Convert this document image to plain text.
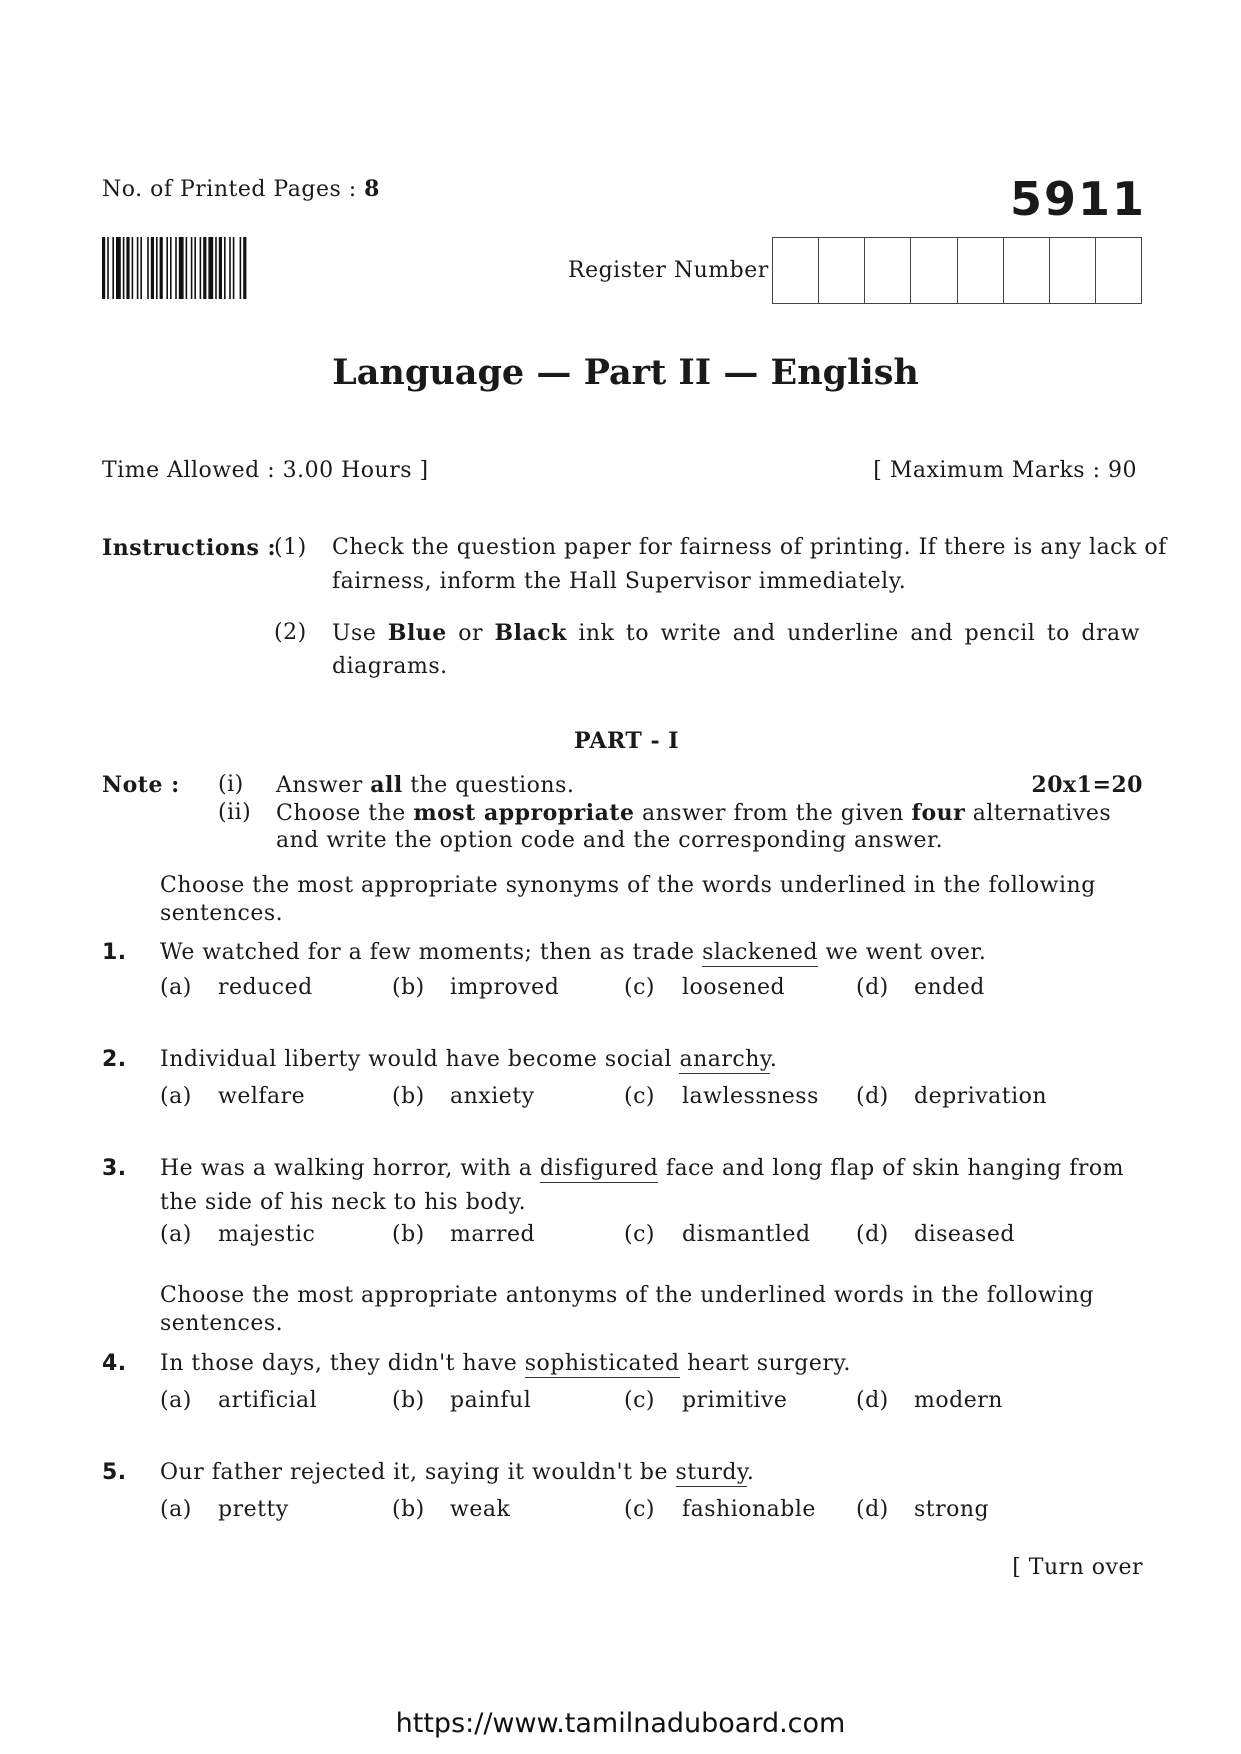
No. of Printed Pages : 8	5911
Register Number
Language — Part II — English
Time Allowed : 3.00 Hours ]	[ Maximum Marks : 90
Instructions :
(1) Check the question paper for fairness of printing. If there is any lack of
fairness, inform the Hall Supervisor immediately.
(2) Use Blue or Black ink to write and underline and pencil to draw
diagrams.
PART - I
Note : (i) Answer all the questions.	20x1=20
(ii) Choose the most appropriate answer from the given four alternatives
and write the option code and the corresponding answer.
Choose the most appropriate synonyms of the words underlined in the following
sentences.
1. We watched for a few moments; then as trade slackened we went over.
(a) reduced	(b) improved	(c) loosened	(d) ended
2. Individual liberty would have become social anarchy.
(a) welfare	(b) anxiety	(c) lawlessness (d) deprivation
3. He was a walking horror, with a disfigured face and long flap of skin hanging from
the side of his neck to his body.
(a) majestic	(b) marred	(c) dismantled (d) diseased
Choose the most appropriate antonyms of the underlined words in the following
sentences.
4. In those days, they didn't have sophisticated heart surgery.
(a) artificial	(b) painful	(c) primitive	(d) modern
5. Our father rejected it, saying it wouldn't be sturdy.
(a) pretty	(b) weak	(c) fashionable (d) strong
[ Turn over
https://www.tamilnaduboard.com
